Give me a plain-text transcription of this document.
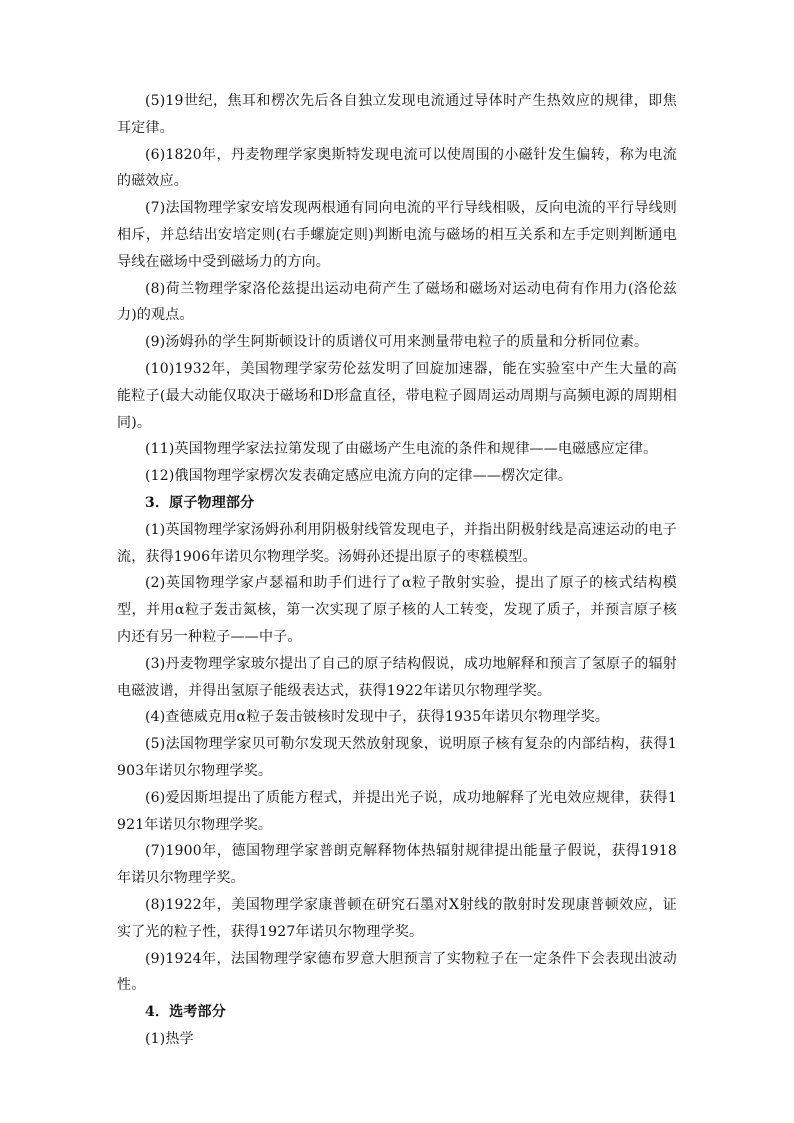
(5)19世纪，焦耳和楞次先后各自独立发现电流通过导体时产生热效应的规律，即焦耳定律。

(6)1820年，丹麦物理学家奥斯特发现电流可以使周围的小磁针发生偏转，称为电流的磁效应。

(7)法国物理学家安培发现两根通有同向电流的平行导线相吸，反向电流的平行导线则相斥，并总结出安培定则(右手螺旋定则)判断电流与磁场的相互关系和左手定则判断通电导线在磁场中受到磁场力的方向。

(8)荷兰物理学家洛伦兹提出运动电荷产生了磁场和磁场对运动电荷有作用力(洛伦兹力)的观点。

(9)汤姆孙的学生阿斯顿设计的质谱仪可用来测量带电粒子的质量和分析同位素。

(10)1932年，美国物理学家劳伦兹发明了回旋加速器，能在实验室中产生大量的高能粒子(最大动能仅取决于磁场和D形盒直径，带电粒子圆周运动周期与高频电源的周期相同)。

(11)英国物理学家法拉第发现了由磁场产生电流的条件和规律——电磁感应定律。

(12)俄国物理学家楞次发表确定感应电流方向的定律——楞次定律。

3．原子物理部分

(1)英国物理学家汤姆孙利用阴极射线管发现电子，并指出阴极射线是高速运动的电子流，获得1906年诺贝尔物理学奖。汤姆孙还提出原子的枣糕模型。

(2)英国物理学家卢瑟福和助手们进行了α粒子散射实验，提出了原子的核式结构模型，并用α粒子轰击氮核，第一次实现了原子核的人工转变，发现了质子，并预言原子核内还有另一种粒子——中子。

(3)丹麦物理学家玻尔提出了自己的原子结构假说，成功地解释和预言了氢原子的辐射电磁波谱，并得出氢原子能级表达式，获得1922年诺贝尔物理学奖。

(4)查德威克用α粒子轰击铍核时发现中子，获得1935年诺贝尔物理学奖。

(5)法国物理学家贝可勒尔发现天然放射现象，说明原子核有复杂的内部结构，获得1903年诺贝尔物理学奖。

(6)爱因斯坦提出了质能方程式，并提出光子说，成功地解释了光电效应规律，获得1921年诺贝尔物理学奖。

(7)1900年，德国物理学家普朗克解释物体热辐射规律提出能量子假说，获得1918年诺贝尔物理学奖。

(8)1922年，美国物理学家康普顿在研究石墨对X射线的散射时发现康普顿效应，证实了光的粒子性，获得1927年诺贝尔物理学奖。

(9)1924年，法国物理学家德布罗意大胆预言了实物粒子在一定条件下会表现出波动性。

4．选考部分

(1)热学
